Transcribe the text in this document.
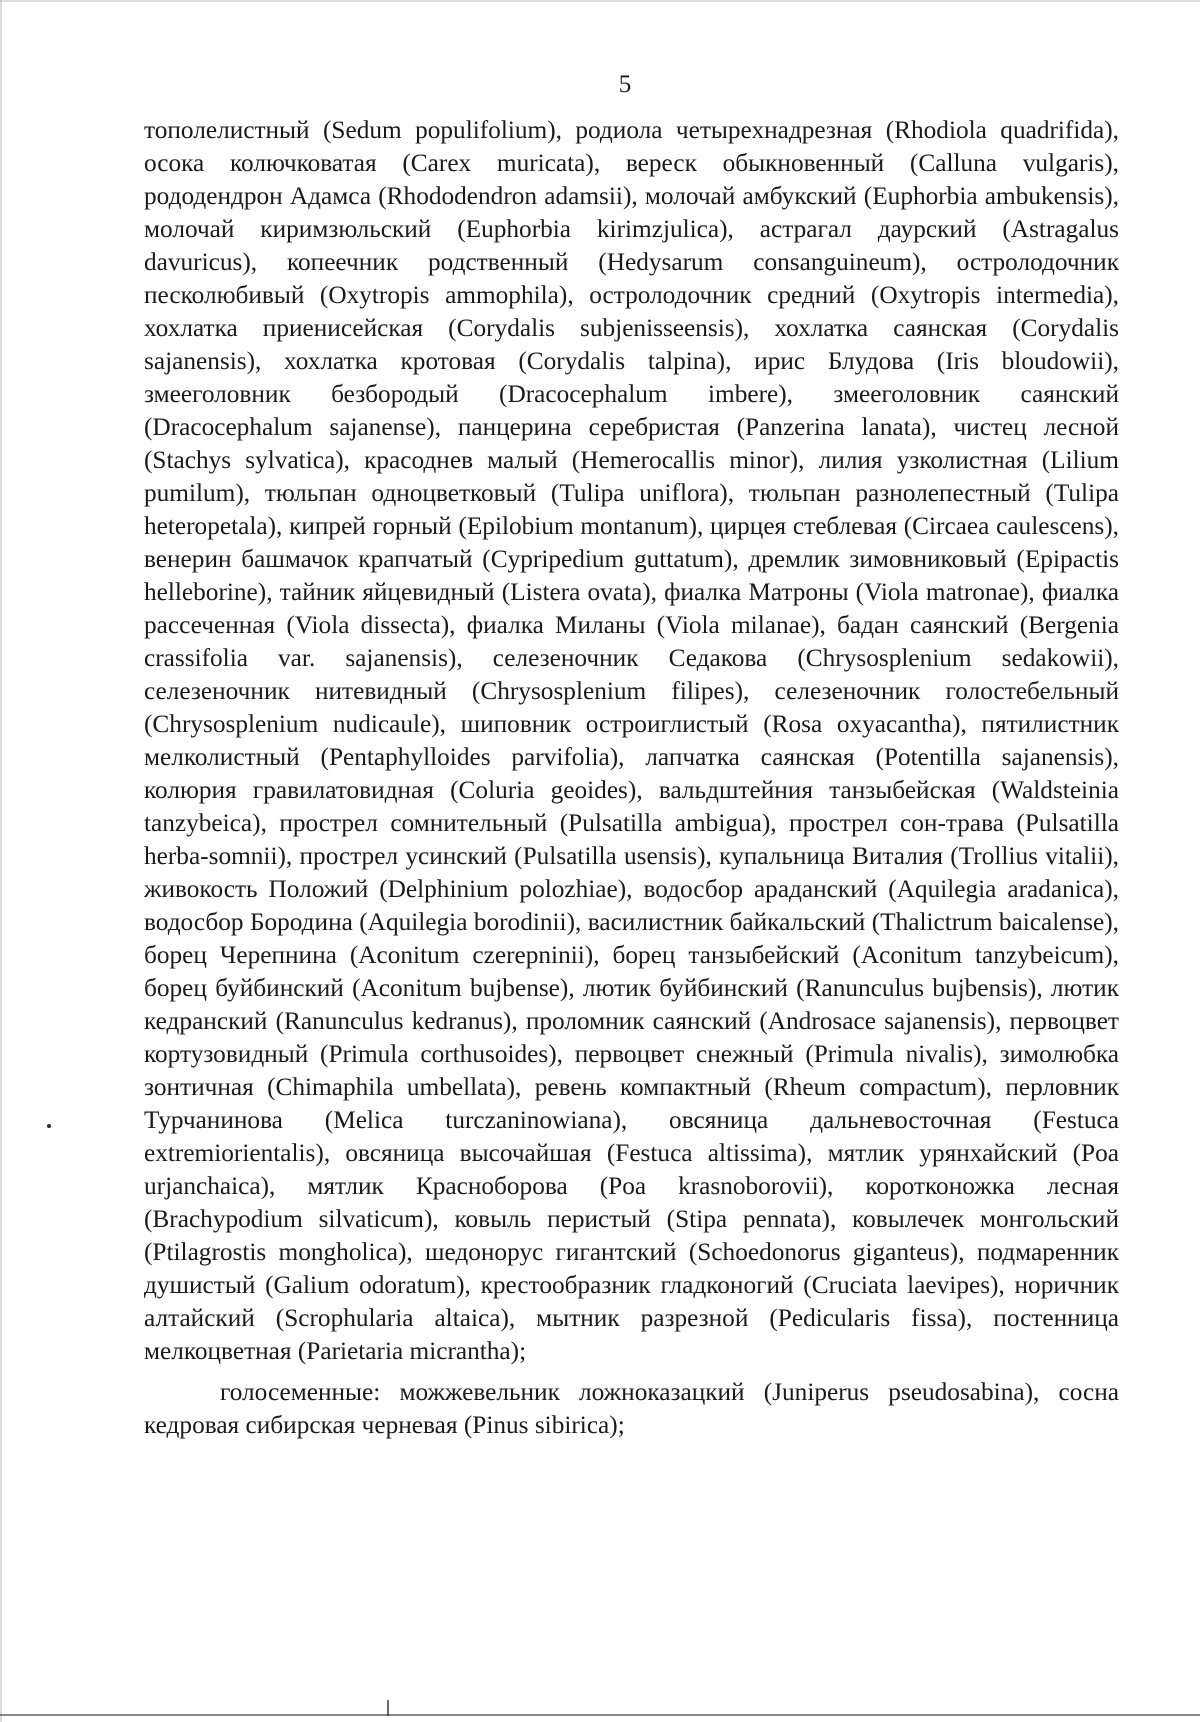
5

тополелистный (Sedum populifolium), родиола четырехнадрезная (Rhodiola quadrifida), осока колючковатая (Carex muricata), вереск обыкновенный (Calluna vulgaris), рододендрон Адамса (Rhododendron adamsii), молочай амбукский (Euphorbia ambukensis), молочай киримзюльский (Euphorbia kirimzjulica), астрагал даурский (Astragalus davuricus), копеечник родственный (Hedysarum consanguineum), остролодочник песколюбивый (Oxytropis ammophila), остролодочник средний (Oxytropis intermedia), хохлатка приенисейская (Corydalis subjenisseensis), хохлатка саянская (Corydalis sajanensis), хохлатка кротовая (Corydalis talpina), ирис Блудова (Iris bloudowii), змееголовник безбородый (Dracocephalum imbere), змееголовник саянский (Dracocephalum sajanense), панцерина серебристая (Panzerina lanata), чистец лесной (Stachys sylvatica), красоднев малый (Hemerocallis minor), лилия узколистная (Lilium pumilum), тюльпан одноцветковый (Tulipa uniflora), тюльпан разнолепестный (Tulipa heteropetala), кипрей горный (Epilobium montanum), цирцея стеблевая (Circaea caulescens), венерин башмачок крапчатый (Cypripedium guttatum), дремлик зимовниковый (Epipactis helleborine), тайник яйцевидный (Listera ovata), фиалка Матроны (Viola matronae), фиалка рассеченная (Viola dissecta), фиалка Миланы (Viola milanae), бадан саянский (Bergenia crassifolia var. sajanensis), селезеночник Седакова (Chrysosplenium sedakowii), селезеночник нитевидный (Chrysosplenium filipes), селезеночник голостебельный (Chrysosplenium nudicaule), шиповник остроиглистый (Rosa oxyacantha), пятилистник мелколистный (Pentaphylloides parvifolia), лапчатка саянская (Potentilla sajanensis), колюрия гравилатовидная (Coluria geoides), вальдштейния танзыбейская (Waldsteinia tanzybeica), прострел сомнительный (Pulsatilla ambigua), прострел сон-трава (Pulsatilla herba-somnii), прострел усинский (Pulsatilla usensis), купальница Виталия (Trollius vitalii), живокость Положий (Delphinium polozhiae), водосбор араданский (Aquilegia aradanica), водосбор Бородина (Aquilegia borodinii), василистник байкальский (Thalictrum baicalense), борец Черепнина (Aconitum czerepninii), борец танзыбейский (Aconitum tanzybeicum), борец буйбинский (Aconitum bujbense), лютик буйбинский (Ranunculus bujbensis), лютик кедранский (Ranunculus kedranus), проломник саянский (Androsace sajanensis), первоцвет кортузовидный (Primula corthusoides), первоцвет снежный (Primula nivalis), зимолюбка зонтичная (Chimaphila umbellata), ревень компактный (Rheum compactum), перловник Турчанинова (Melica turczaninowiana), овсяница дальневосточная (Festuca extremiorientalis), овсяница высочайшая (Festuca altissima), мятлик урянхайский (Poa urjanchaica), мятлик Красноборова (Poa krasnoborovii), коротконожка лесная (Brachypodium silvaticum), ковыль перистый (Stipa pennata), ковылечек монгольский (Ptilagrostis mongholica), шедонорус гигантский (Schoedonorus giganteus), подмаренник душистый (Galium odoratum), крестообразник гладконогий (Cruciata laevipes), норичник алтайский (Scrophularia altaica), мытник разрезной (Pedicularis fissa), постенница мелкоцветная (Parietaria micrantha);

голосеменные: можжевельник ложноказацкий (Juniperus pseudosabina), сосна кедровая сибирская черневая (Pinus sibirica);
